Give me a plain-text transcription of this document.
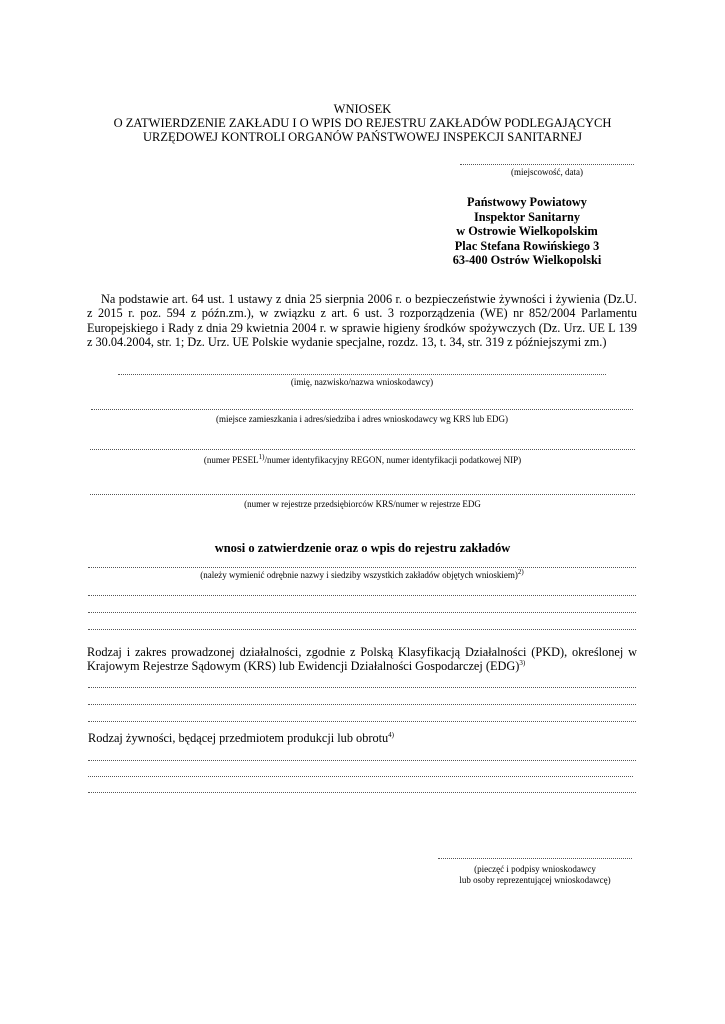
WNIOSEK
O ZATWIERDZENIE ZAKŁADU I O WPIS DO REJESTRU ZAKŁADÓW PODLEGAJĄCYCH
URZĘDOWEJ KONTROLI ORGANÓW PAŃSTWOWEJ INSPEKCJI SANITARNEJ
(miejscowość, data)
Państwowy Powiatowy
Inspektor Sanitarny
w Ostrowie Wielkopolskim
Plac Stefana Rowińskiego 3
63-400 Ostrów Wielkopolski
Na podstawie art. 64 ust. 1 ustawy z dnia 25 sierpnia 2006 r. o bezpieczeństwie żywności i żywienia (Dz.U. z 2015 r. poz. 594 z późn.zm.), w związku z art. 6 ust. 3 rozporządzenia (WE) nr 852/2004 Parlamentu Europejskiego i Rady z dnia 29 kwietnia 2004 r. w sprawie higieny środków spożywczych (Dz. Urz. UE L 139 z 30.04.2004, str. 1; Dz. Urz. UE Polskie wydanie specjalne, rozdz. 13, t. 34, str. 319 z późniejszymi zm.)
(imię, nazwisko/nazwa wnioskodawcy)
(miejsce zamieszkania i adres/siedziba i adres wnioskodawcy wg KRS lub EDG)
(numer PESEL$^{1)}$/numer identyfikacyjny REGON, numer identyfikacji podatkowej NIP)
(numer w rejestrze przedsiębiorców KRS/numer w rejestrze EDG
wnosi o zatwierdzenie oraz o wpis do rejestru zakładów
(należy wymienić odrębnie nazwy i siedziby wszystkich zakładów objętych wnioskiem)$^{2)}$
Rodzaj i zakres prowadzonej działalności, zgodnie z Polską Klasyfikacją Działalności (PKD), określonej w Krajowym Rejestrze Sądowym (KRS) lub Ewidencji Działalności Gospodarczej (EDG)$^{3)}$
Rodzaj żywności, będącej przedmiotem produkcji lub obrotu$^{4)}$
(pieczęć i podpisy wnioskodawcy
lub osoby reprezentującej wnioskodawcę)
